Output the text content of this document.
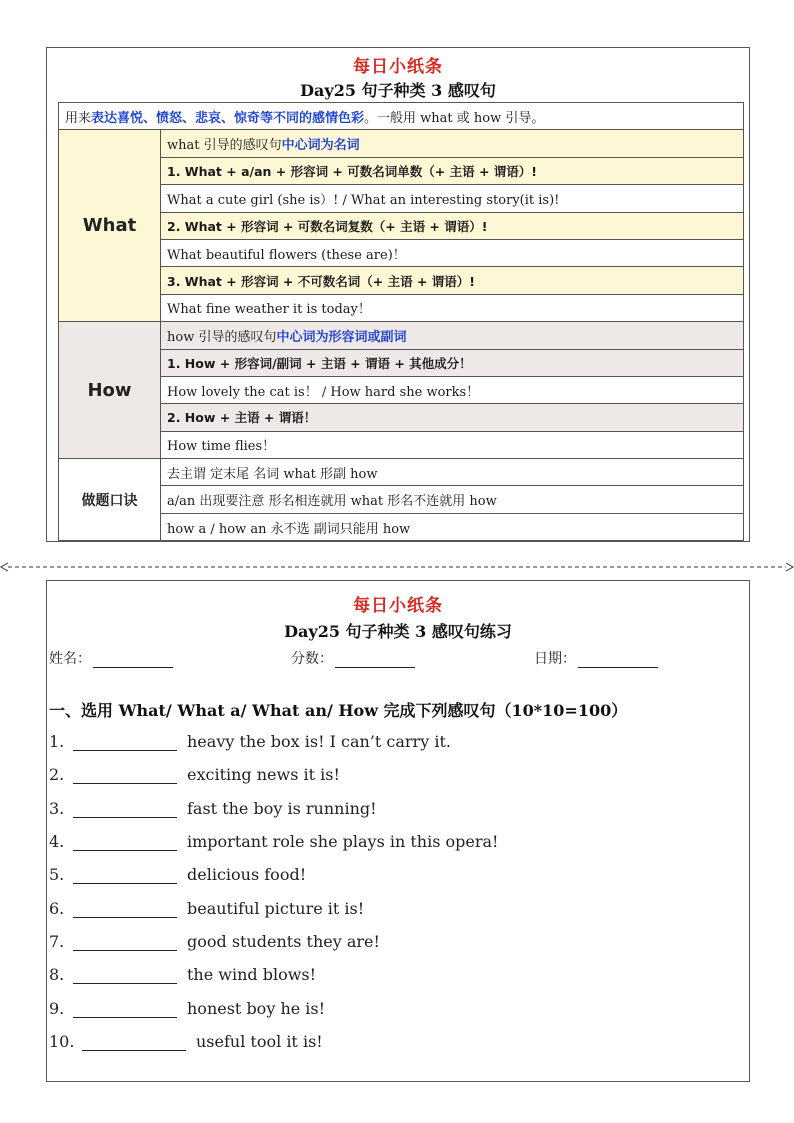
每日小纸条
Day25 句子种类 3 感叹句
用来表达喜悦、愤怒、悲哀、惊奇等不同的感情色彩。一般用 what 或 how 引导。	
What	what 引导的感叹句中心词为名词
	1. What + a/an + 形容词 + 可数名词单数（+ 主语 + 谓语）!
	What a cute girl (she is）! / What an interesting story(it is)!
	2. What + 形容词 + 可数名词复数（+ 主语 + 谓语）!
	What beautiful flowers (these are)！
	3. What + 形容词 + 不可数名词（+ 主语 + 谓语）!
	What fine weather it is today！
How	how 引导的感叹句中心词为形容词或副词
	1. How + 形容词/副词 + 主语 + 谓语 + 其他成分！
	How lovely the cat is！ / How hard she works！
	2. How + 主语 + 谓语！
	How time flies！
做题口诀	去主谓 定末尾 名词 what 形副 how
	a/an 出现要注意 形名相连就用 what 形名不连就用 how
	how a / how an 永不选 副词只能用 how
每日小纸条
Day25 句子种类 3 感叹句练习
姓名：	分数：	日期：
一、选用 What/ What a/ What an/ How 完成下列感叹句（10*10=100）
1.	heavy the box is! I can’t carry it.
2.	exciting news it is!
3.	fast the boy is running!
4.	important role she plays in this opera!
5.	delicious food!
6.	beautiful picture it is!
7.	good students they are!
8.	the wind blows!
9.	honest boy he is!
10.	useful tool it is!
